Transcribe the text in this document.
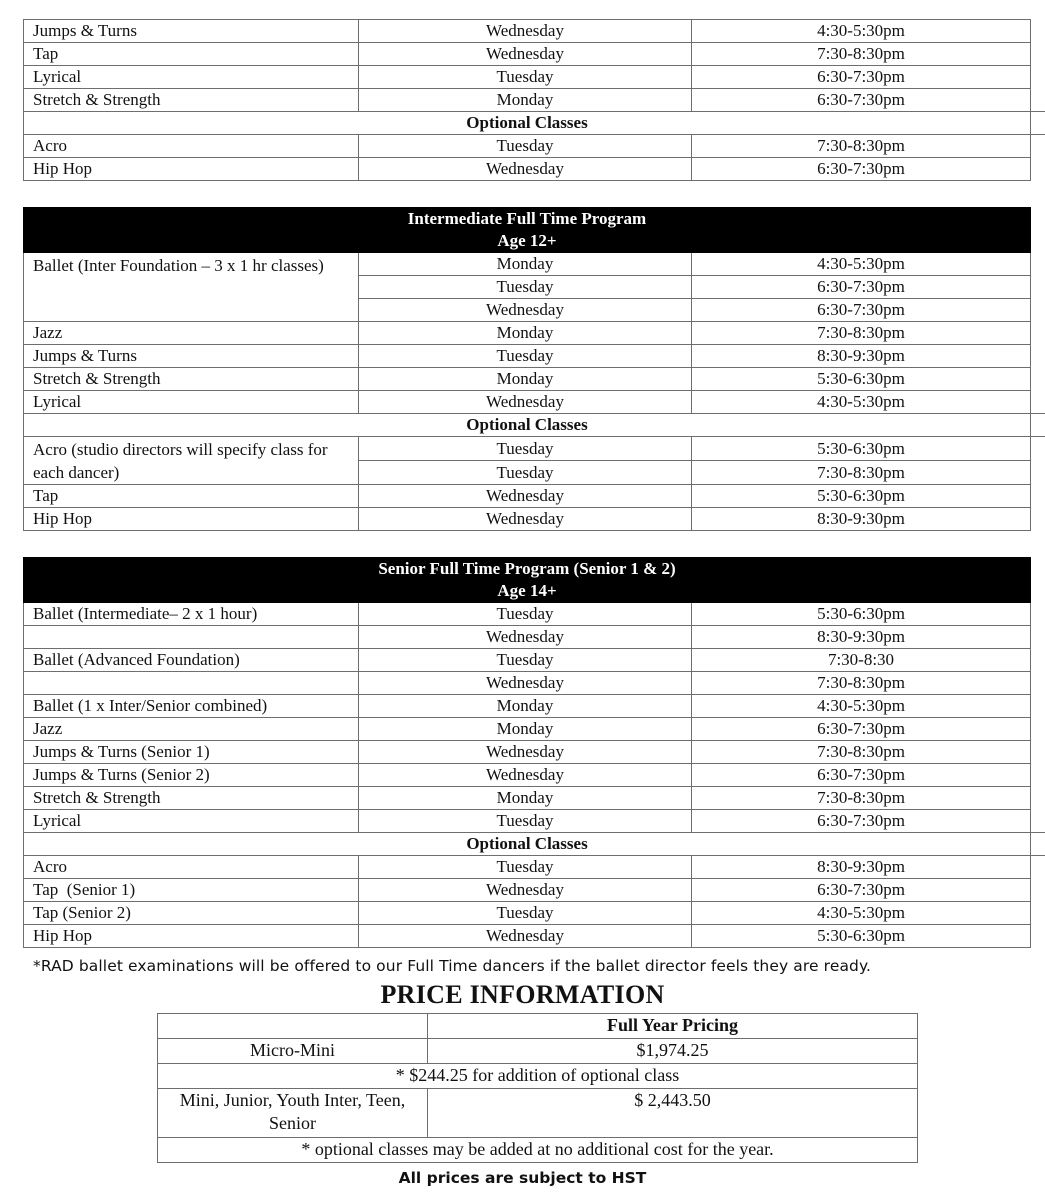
Jumps & Turns	Wednesday	4:30-5:30pm
Tap	Wednesday	7:30-8:30pm
Lyrical	Tuesday	6:30-7:30pm
Stretch & Strength	Monday	6:30-7:30pm
Optional Classes		
Acro	Tuesday	7:30-8:30pm
Hip Hop	Wednesday	6:30-7:30pm
Intermediate Full Time Program
Age 12+		

Ballet (Inter Foundation – 3 x 1 hr classes)	Monday	4:30-5:30pm
	Tuesday	6:30-7:30pm
	Wednesday	6:30-7:30pm
Jazz	Monday	7:30-8:30pm
Jumps & Turns	Tuesday	8:30-9:30pm
Stretch & Strength	Monday	5:30-6:30pm
Lyrical	Wednesday	4:30-5:30pm
Optional Classes		
Acro (studio directors will specify class for each dancer)	Tuesday	5:30-6:30pm
	Tuesday	7:30-8:30pm
Tap	Wednesday	5:30-6:30pm
Hip Hop	Wednesday	8:30-9:30pm
Senior Full Time Program (Senior 1 & 2)
Age 14+		

Ballet (Intermediate– 2 x 1 hour)	Tuesday	5:30-6:30pm
	Wednesday	8:30-9:30pm
Ballet (Advanced Foundation)	Tuesday	7:30-8:30
	Wednesday	7:30-8:30pm
Ballet (1 x Inter/Senior combined)	Monday	4:30-5:30pm
Jazz	Monday	6:30-7:30pm
Jumps & Turns (Senior 1)	Wednesday	7:30-8:30pm
Jumps & Turns (Senior 2)	Wednesday	6:30-7:30pm
Stretch & Strength	Monday	7:30-8:30pm
Lyrical	Tuesday	6:30-7:30pm
Optional Classes		
Acro	Tuesday	8:30-9:30pm
Tap  (Senior 1)	Wednesday	6:30-7:30pm
Tap (Senior 2)	Tuesday	4:30-5:30pm
Hip Hop	Wednesday	5:30-6:30pm
*RAD ballet examinations will be offered to our Full Time dancers if the ballet director feels they are ready.
PRICE INFORMATION
	Full Year Pricing
Micro-Mini	$1,974.25
* $244.25 for addition of optional class	
Mini, Junior, Youth Inter, Teen, Senior	$ 2,443.50
* optional classes may be added at no additional cost for the year.	
All prices are subject to HST
